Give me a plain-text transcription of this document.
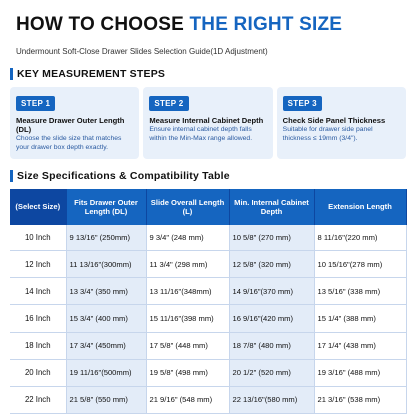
HOW TO CHOOSE THE RIGHT SIZE
Undermount Soft-Close Drawer Slides Selection Guide(1D Adjustment)
KEY MEASUREMENT STEPS
STEP 1
Measure Drawer Outer Length (DL)
Choose the slide size that matches your drawer box depth exactly.
STEP 2
Measure Internal Cabinet Depth
Ensure internal cabinet depth falls within the Min-Max range allowed.
STEP 3
Check Side Panel Thickness
Suitable for drawer side panel thickness ≤ 19mm (3/4").
Size Specifications & Compatibility Table
(Select Size)	Fits Drawer Outer Length (DL)	Slide Overall Length (L)	Min. Internal Cabinet Depth	Extension Length
10 Inch	9 13/16" (250mm)	9 3/4" (248 mm)	10 5/8" (270 mm)	8 11/16"(220 mm)
12 Inch	11 13/16"(300mm)	11 3/4" (298 mm)	12 5/8" (320 mm)	10 15/16"(278 mm)
14 Inch	13 3/4" (350 mm)	13 11/16"(348mm)	14 9/16"(370 mm)	13 5/16" (338 mm)
16 Inch	15 3/4" (400 mm)	15 11/16"(398 mm)	16 9/16"(420 mm)	15 1/4" (388 mm)
18 Inch	17 3/4" (450mm)	17 5/8" (448 mm)	18 7/8" (480 mm)	17 1/4" (438 mm)
20 Inch	19 11/16"(500mm)	19 5/8" (498 mm)	20 1/2" (520 mm)	19 3/16" (488 mm)
22 Inch	21 5/8" (550 mm)	21 9/16" (548 mm)	22 13/16"(580 mm)	21 3/16" (538 mm)
